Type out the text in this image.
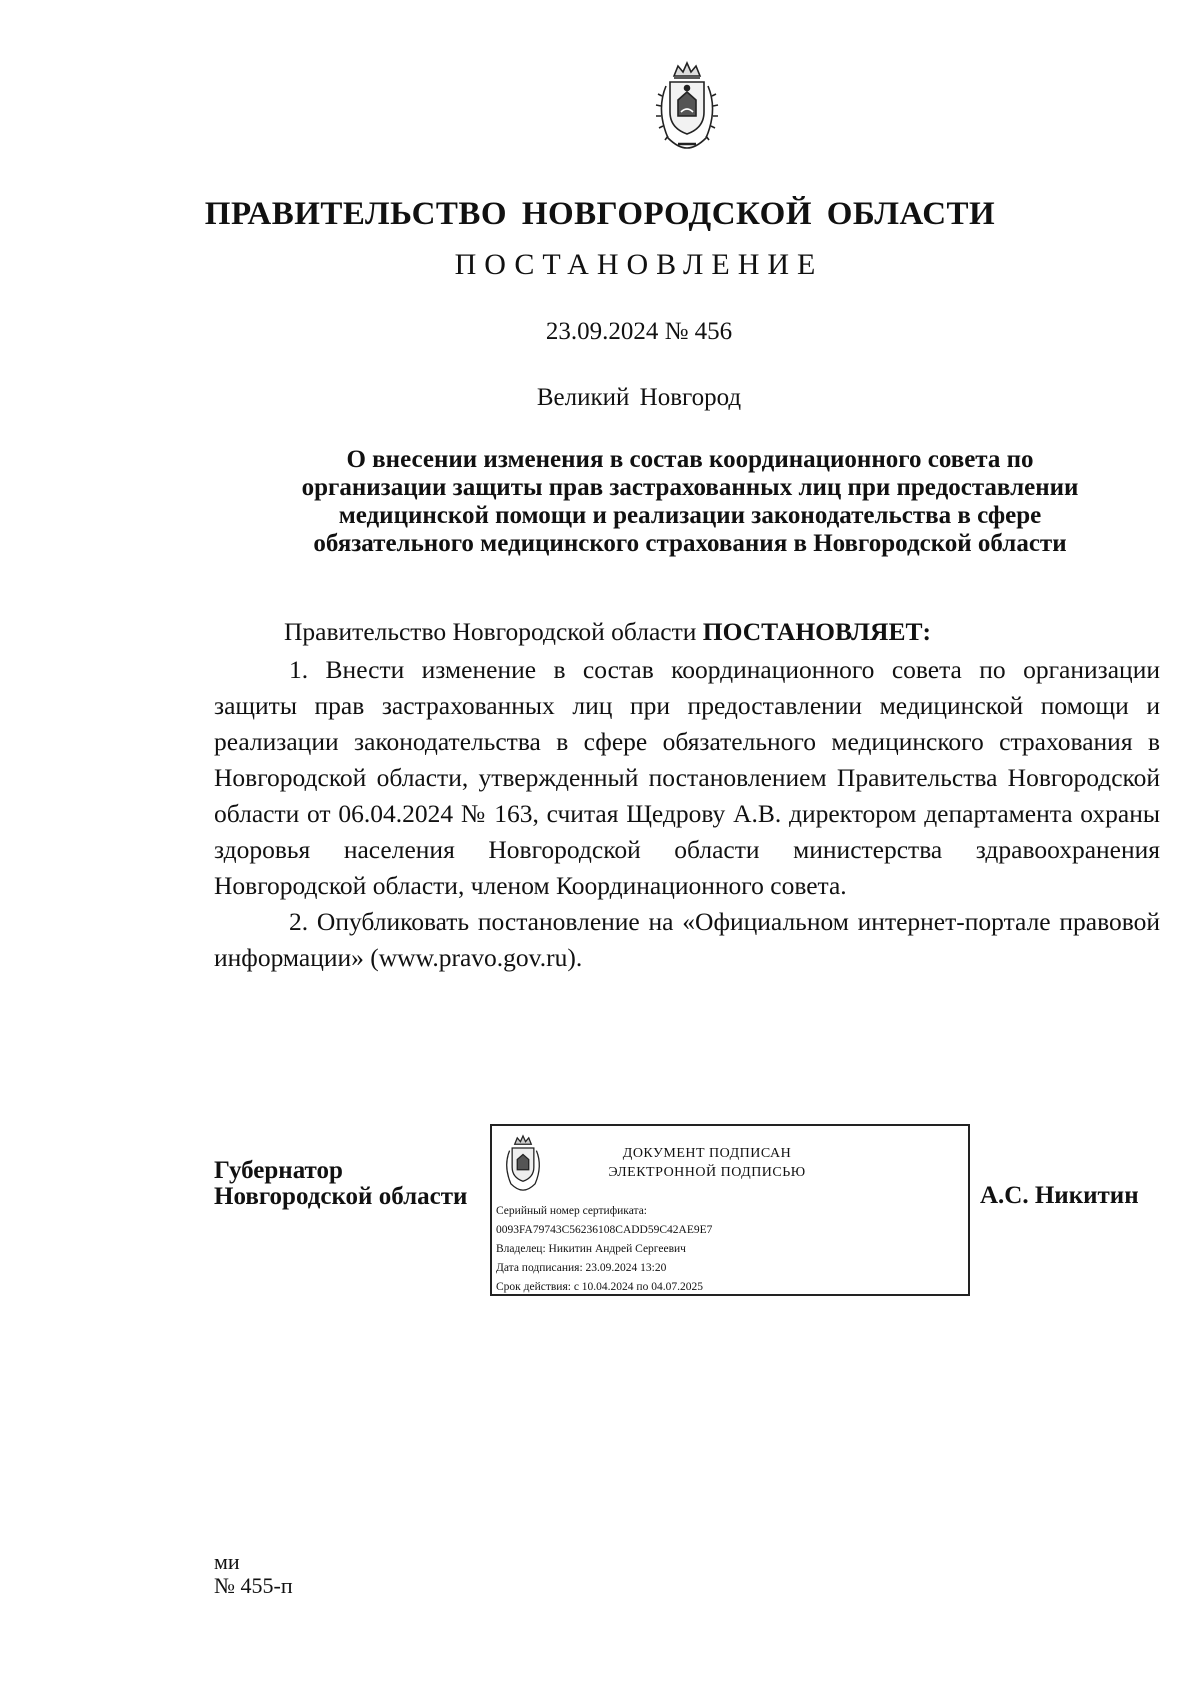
ПРАВИТЕЛЬСТВО НОВГОРОДСКОЙ ОБЛАСТИ
ПОСТАНОВЛЕНИЕ
23.09.2024 № 456
Великий Новгород
О внесении изменения в состав координационного совета по
организации защиты прав застрахованных лиц при предоставлении
медицинской помощи и реализации законодательства в сфере
обязательного медицинского страхования в Новгородской области

Правительство Новгородской области ПОСТАНОВЛЯЕТ:

1. Внести изменение в состав координационного совета по организации защиты прав застрахованных лиц при предоставлении медицинской помощи и реализации законодательства в сфере обязательного медицинского страхования в Новгородской области, утвержденный постановлением Правительства Новгородской области от 06.04.2024 № 163, считая Щедрову А.В. директором департамента охраны здоровья населения Новгородской области министерства здравоохранения Новгородской области, членом Координационного совета.

2. Опубликовать постановление на «Официальном интернет-портале правовой информации» (www.pravo.gov.ru).

Губернатор
Новгородской области
ДОКУМЕНТ ПОДПИСАН
ЭЛЕКТРОННОЙ ПОДПИСЬЮ
Серийный номер сертификата:
0093FA79743C56236108CADD59C42AE9E7
Владелец: Никитин Андрей Сергеевич
Дата подписания: 23.09.2024 13:20
Срок действия: с 10.04.2024 по 04.07.2025
А.С. Никитин
ми
№ 455-п
